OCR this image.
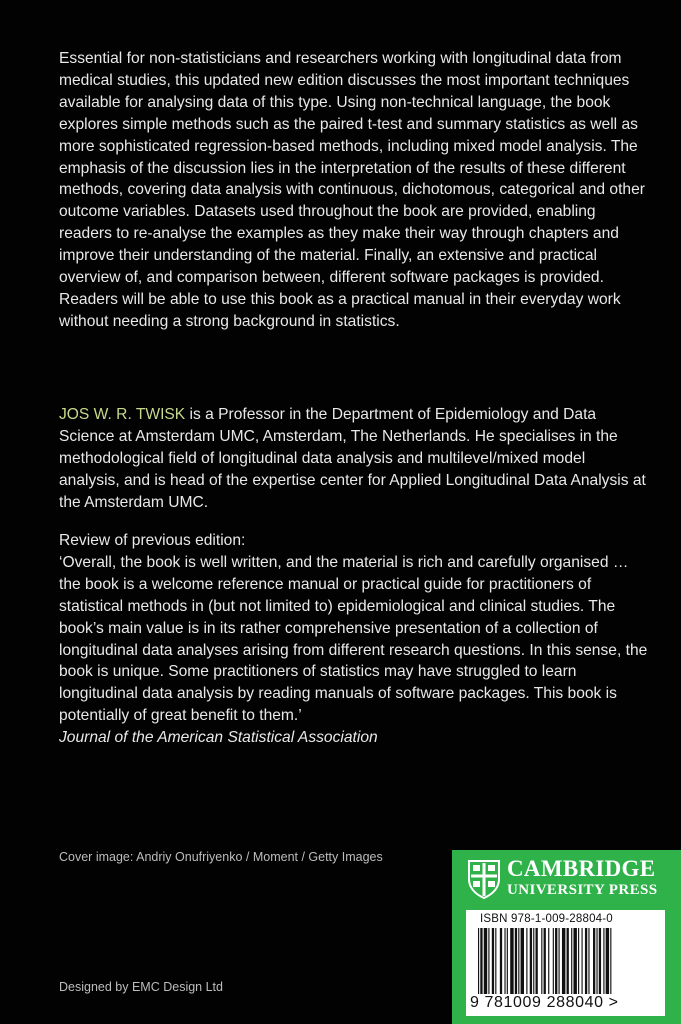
Essential for non-statisticians and researchers working with longitudinal data from medical studies, this updated new edition discusses the most important techniques available for analysing data of this type. Using non-technical language, the book explores simple methods such as the paired t-test and summary statistics as well as more sophisticated regression-based methods, including mixed model analysis. The emphasis of the discussion lies in the interpretation of the results of these different methods, covering data analysis with continuous, dichotomous, categorical and other outcome variables. Datasets used throughout the book are provided, enabling readers to re-analyse the examples as they make their way through chapters and improve their understanding of the material. Finally, an extensive and practical overview of, and comparison between, different software packages is provided. Readers will be able to use this book as a practical manual in their everyday work without needing a strong background in statistics.

JOS W. R. TWISK is a Professor in the Department of Epidemiology and Data Science at Amsterdam UMC, Amsterdam, The Netherlands. He specialises in the methodological field of longitudinal data analysis and multilevel/mixed model analysis, and is head of the expertise center for Applied Longitudinal Data Analysis at the Amsterdam UMC.

Review of previous edition:
‘Overall, the book is well written, and the material is rich and carefully organised … the book is a welcome reference manual or practical guide for practitioners of statistical methods in (but not limited to) epidemiological and clinical studies. The book’s main value is in its rather comprehensive presentation of a collection of longitudinal data analyses arising from different research questions. In this sense, the book is unique. Some practitioners of statistics may have struggled to learn longitudinal data analysis by reading manuals of software packages. This book is potentially of great benefit to them.’
Journal of the American Statistical Association

Cover image: Andriy Onufriyenko / Moment / Getty Images

Designed by EMC Design Ltd

CAMBRIDGE
UNIVERSITY PRESS
ISBN 978-1-009-28804-0
9 781009 288040 >
